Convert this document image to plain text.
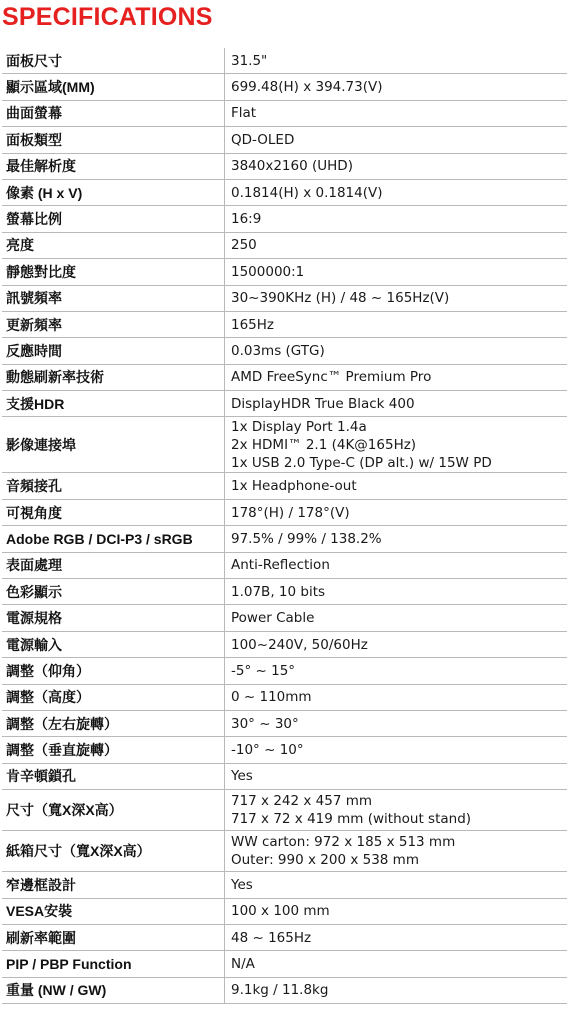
SPECIFICATIONS
面板尺寸	31.5"

顯示區域(MM)	699.48(H) x 394.73(V)

曲面螢幕	Flat

面板類型	QD-OLED

最佳解析度	3840x2160 (UHD)

像素 (H x V)	0.1814(H) x 0.1814(V)

螢幕比例	16:9

亮度	250

靜態對比度	1500000:1

訊號頻率	30~390KHz (H) / 48 ~ 165Hz(V)

更新頻率	165Hz

反應時間	0.03ms (GTG)

動態刷新率技術	AMD FreeSync™ Premium Pro

支援HDR	DisplayHDR True Black 400

影像連接埠	1x Display Port 1.4a
2x HDMI™ 2.1 (4K@165Hz)
1x USB 2.0 Type-C (DP alt.) w/ 15W PD

音頻接孔	1x Headphone-out

可視角度	178°(H) / 178°(V)

Adobe RGB / DCI-P3 / sRGB	97.5% / 99% / 138.2%

表面處理	Anti-Reflection

色彩顯示	1.07B, 10 bits

電源規格	Power Cable

電源輸入	100~240V, 50/60Hz

調整（仰角）	-5° ~ 15°

調整（高度）	0 ~ 110mm

調整（左右旋轉）	30° ~ 30°

調整（垂直旋轉）	-10° ~ 10°

肯辛頓鎖孔	Yes

尺寸（寬X深X高）	717 x 242 x 457 mm
717 x 72 x 419 mm (without stand)

紙箱尺寸（寬X深X高）	WW carton: 972 x 185 x 513 mm
Outer: 990 x 200 x 538 mm

窄邊框設計	Yes

VESA安裝	100 x 100 mm

刷新率範圍	48 ~ 165Hz

PIP / PBP Function	N/A

重量 (NW / GW)	9.1kg / 11.8kg
